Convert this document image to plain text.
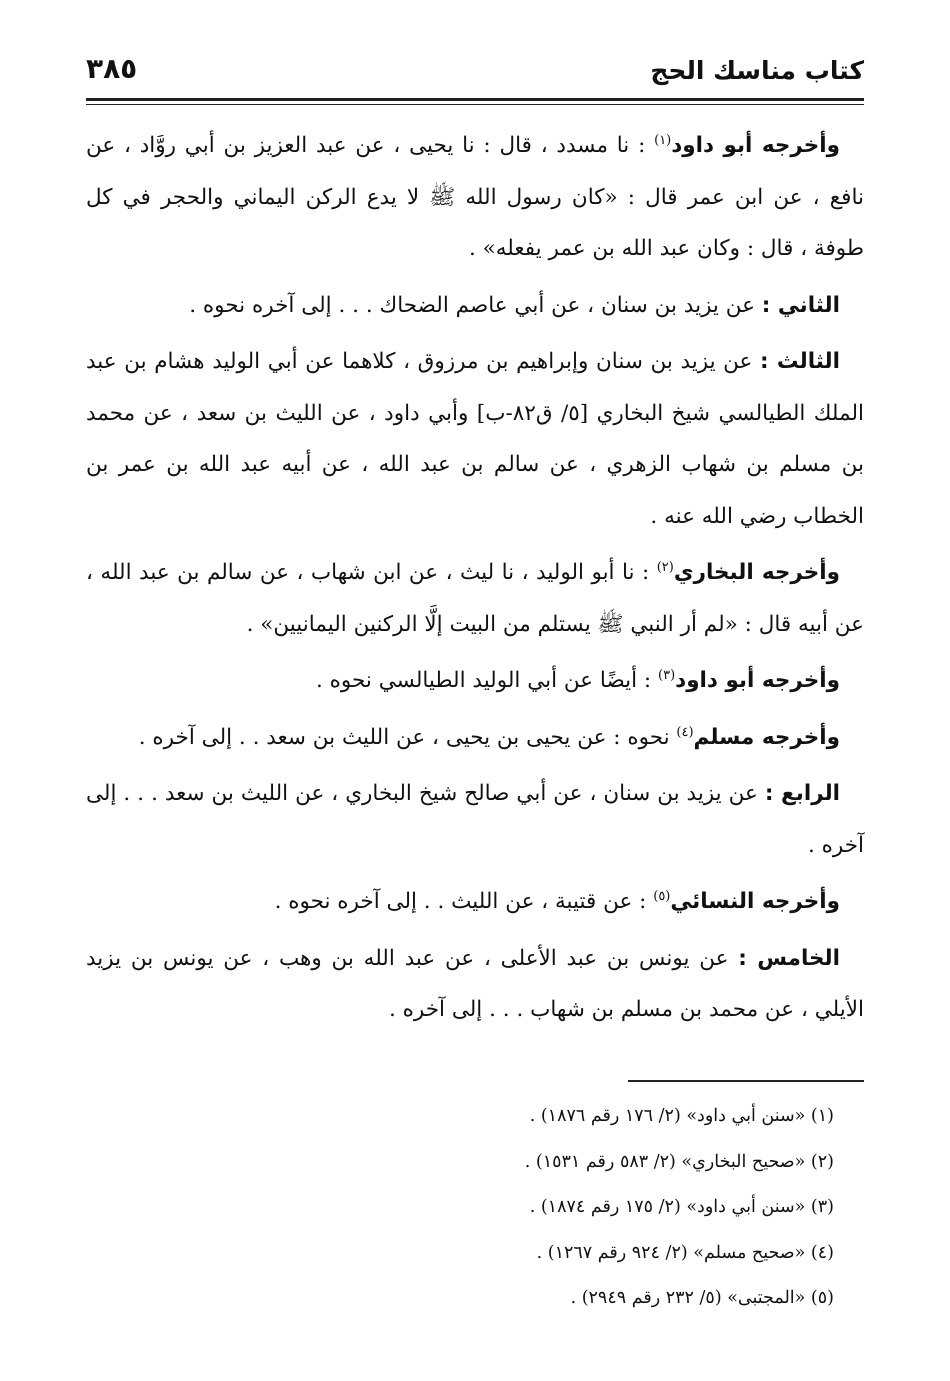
كتاب مناسك الحج
٣٨٥

وأخرجه أبو داود$^{(١)}$ : نا مسدد ، قال : نا يحيى ، عن عبد العزيز بن أبي روَّاد ، عن نافع ، عن ابن عمر قال : «كان رسول الله ﷺ لا يدع الركن اليماني والحجر في كل طوفة ، قال : وكان عبد الله بن عمر يفعله» .

الثاني : عن يزيد بن سنان ، عن أبي عاصم الضحاك . . . إلى آخره نحوه .

الثالث : عن يزيد بن سنان وإبراهيم بن مرزوق ، كلاهما عن أبي الوليد هشام بن عبد الملك الطيالسي شيخ البخاري [٥/ ق٨٢-ب] وأبي داود ، عن الليث بن سعد ، عن محمد بن مسلم بن شهاب الزهري ، عن سالم بن عبد الله ، عن أبيه عبد الله بن عمر بن الخطاب رضي الله عنه .

وأخرجه البخاري$^{(٢)}$ : نا أبو الوليد ، نا ليث ، عن ابن شهاب ، عن سالم بن عبد الله ، عن أبيه قال : «لم أر النبي ﷺ يستلم من البيت إلَّا الركنين اليمانيين» .

وأخرجه أبو داود$^{(٣)}$ : أيضًا عن أبي الوليد الطيالسي نحوه .

وأخرجه مسلم$^{(٤)}$ نحوه : عن يحيى بن يحيى ، عن الليث بن سعد . . إلى آخره .

الرابع : عن يزيد بن سنان ، عن أبي صالح شيخ البخاري ، عن الليث بن سعد . . . إلى آخره .

وأخرجه النسائي$^{(٥)}$ : عن قتيبة ، عن الليث . . إلى آخره نحوه .

الخامس : عن يونس بن عبد الأعلى ، عن عبد الله بن وهب ، عن يونس بن يزيد الأيلي ، عن محمد بن مسلم بن شهاب . . . إلى آخره .

(١) «سنن أبي داود» (٢/ ١٧٦ رقم ١٨٧٦) .
(٢) «صحيح البخاري» (٢/ ٥٨٣ رقم ١٥٣١) .
(٣) «سنن أبي داود» (٢/ ١٧٥ رقم ١٨٧٤) .
(٤) «صحيح مسلم» (٢/ ٩٢٤ رقم ١٢٦٧) .
(٥) «المجتبى» (٥/ ٢٣٢ رقم ٢٩٤٩) .
